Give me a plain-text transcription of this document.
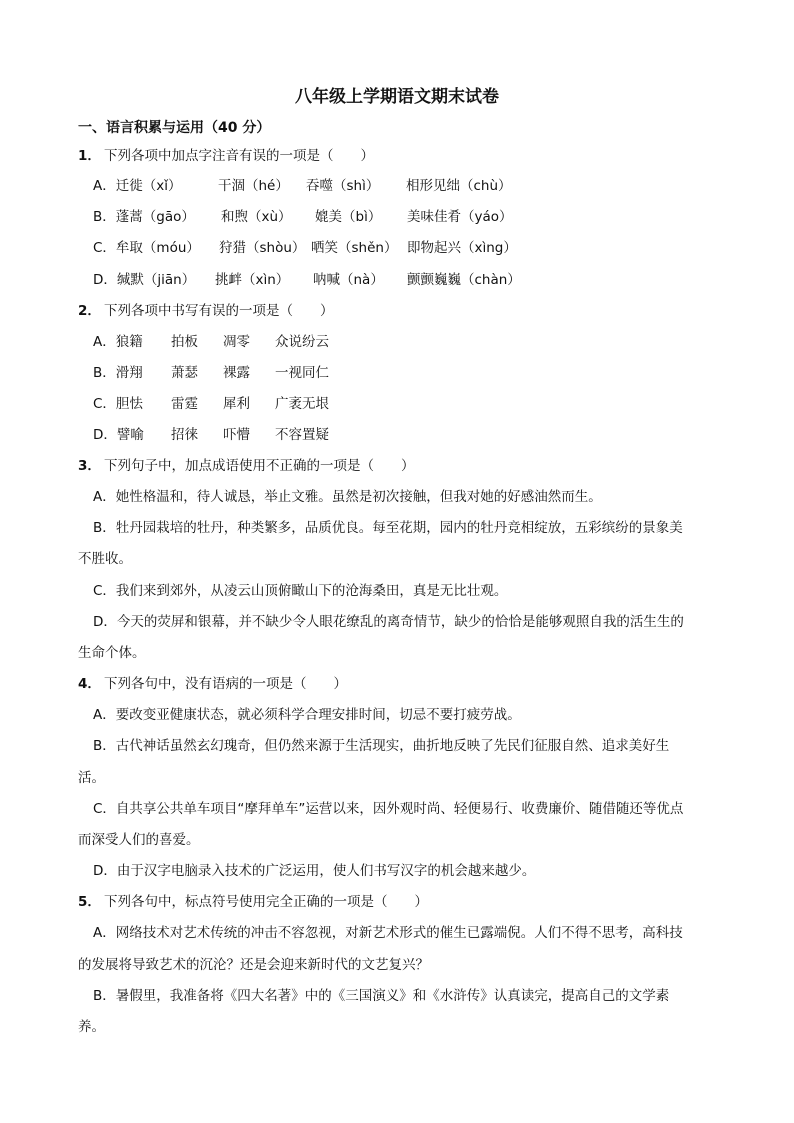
八年级上学期语文期末试卷
一、语言积累与运用（40 分）
1． 下列各项中加点字注音有误的一项是（　　）
A．迁徙（xǐ）	干涸（hé） 吞噬（shì） 相形见绌（chù）
B．蓬蒿（gāo） 和煦（xù） 媲美（bì） 美味佳肴（yáo）
C．牟取（móu） 狩猎（shòu） 哂笑（shěn） 即物起兴（xìng）
D．缄默（jiān） 挑衅（xìn） 呐喊（nà） 颤颤巍巍（chàn）
2． 下列各项中书写有误的一项是（　　）
A．狼籍 拍板 凋零 众说纷云
B．滑翔 萧瑟 裸露 一视同仁
C．胆怯 雷霆 犀利 广袤无垠
D．譬喻 招徕 吓懵 不容置疑
3． 下列句子中，加点成语使用不正确的一项是（　　）
A．她性格温和，待人诚恳，举止文雅。虽然是初次接触，但我对她的好感油然而生。
B．牡丹园栽培的牡丹，种类繁多，品质优良。每至花期，园内的牡丹竞相绽放，五彩缤纷的景象美
不胜收。
C．我们来到郊外，从凌云山顶俯瞰山下的沧海桑田，真是无比壮观。
D．今天的荧屏和银幕，并不缺少令人眼花缭乱的离奇情节，缺少的恰恰是能够观照自我的活生生的
生命个体。
4． 下列各句中，没有语病的一项是（　　）
A．要改变亚健康状态，就必须科学合理安排时间，切忌不要打疲劳战。
B．古代神话虽然玄幻瑰奇，但仍然来源于生活现实，曲折地反映了先民们征服自然、追求美好生
活。
C．自共享公共单车项目“摩拜单车”运营以来，因外观时尚、轻便易行、收费廉价、随借随还等优点
而深受人们的喜爱。
D．由于汉字电脑录入技术的广泛运用，使人们书写汉字的机会越来越少。
5． 下列各句中，标点符号使用完全正确的一项是（　　）
A．网络技术对艺术传统的冲击不容忽视，对新艺术形式的催生已露端倪。人们不得不思考，高科技
的发展将导致艺术的沉沦？还是会迎来新时代的文艺复兴？
B．暑假里，我准备将《四大名著》中的《三国演义》和《水浒传》认真读完，提高自己的文学素
养。
